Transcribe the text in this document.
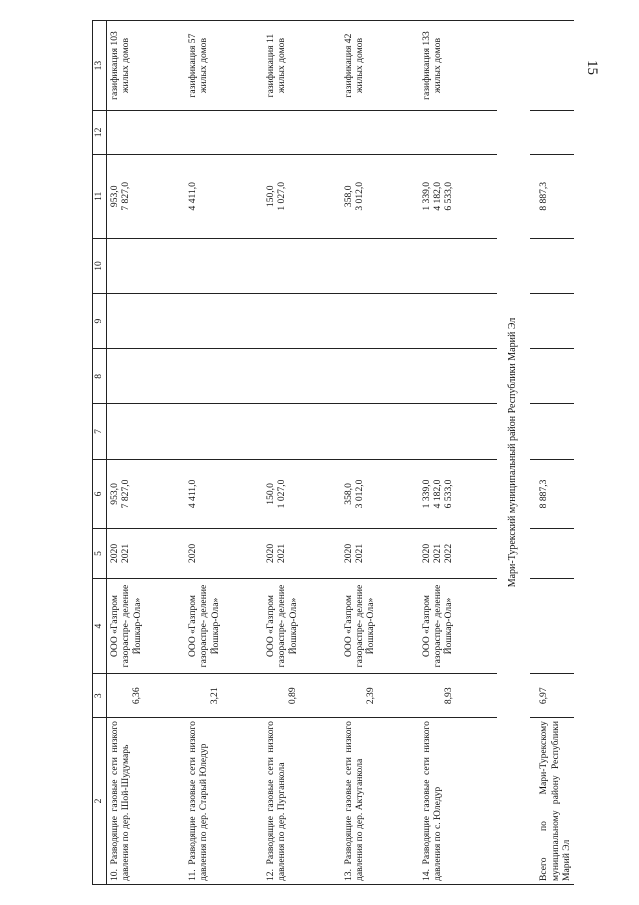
15
2	3	4	5	6	7	8	9	10	11	12	13

10. Разводящие газовые сети низкого давления по дер. Шой-Шудумарь	6,36	ООО «Газпром газораспре- деление Йошкар-Ола»	2020 2021	953,0 7 827,0					953,0 7 827,0		газификация 103 жилых домов

11. Разводящие газовые сети низкого давления по дер. Старый Юледур	3,21	ООО «Газпром газораспре- деление Йошкар-Ола»	2020	4 411,0					4 411,0		газификация 57 жилых домов

12. Разводящие газовые сети низкого давления по дер. Пурганкола	0,89	ООО «Газпром газораспре- деление Йошкар-Ола»	2020 2021	150,0 1 027,0					150,0 1 027,0		газификация 11 жилых домов

13. Разводящие газовые сети низкого давления по дер. Актуганкола	2,39	ООО «Газпром газораспре- деление Йошкар-Ола»	2020 2021	358,0 3 012,0					358,0 3 012,0		газификация 42 жилых домов

14. Разводящие газовые сети низкого давления по с. Юледур	8,93	ООО «Газпром газораспре- деление Йошкар-Ола»	2020 2021 2022	1 339,0 4 182,0 6 533,0					1 339,0 4 182,0 6 533,0		газификация 133 жилых домов

Мари-Турекский муниципальный район Республики Марий Эл											

Всего по Мари-Турекскому муниципальному району Республики Марий Эл	6,97			8 887,3					8 887,3		
